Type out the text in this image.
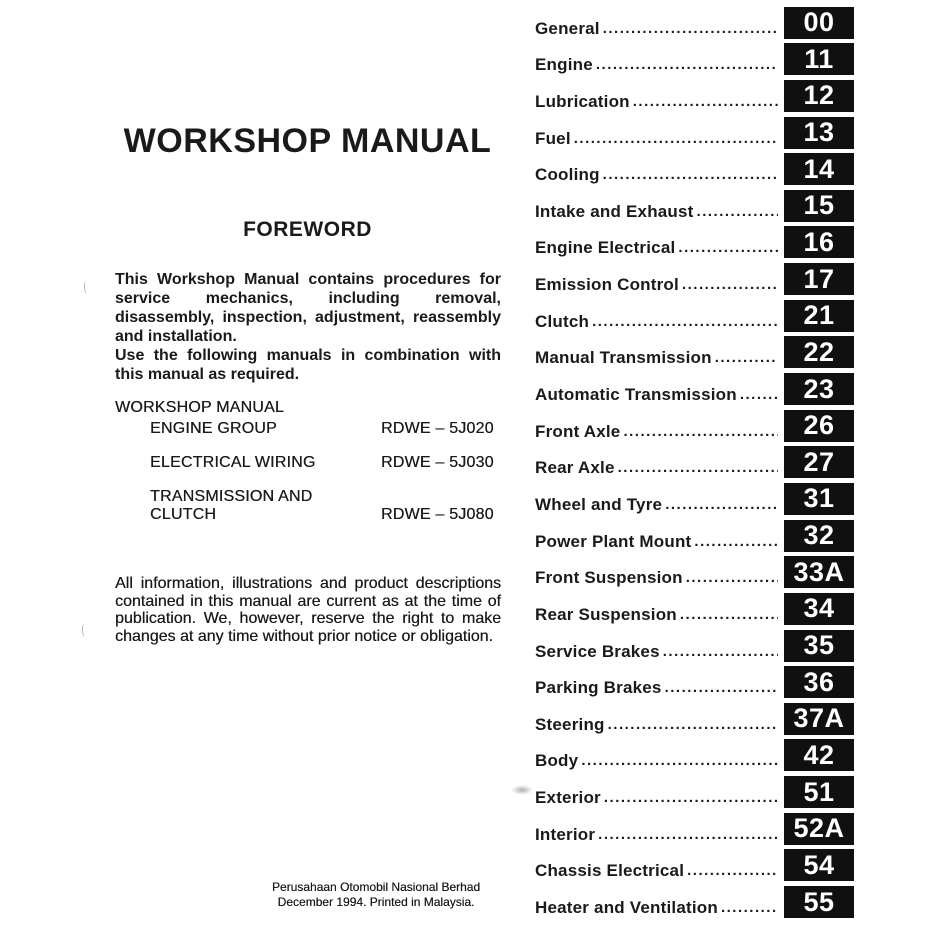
WORKSHOP MANUAL
FOREWORD
This Workshop Manual contains procedures for service mechanics, including removal, disassembly, inspection, adjustment, reassembly and installation.
Use the following manuals in combination with this manual as required.
WORKSHOP MANUAL
ENGINE GROUP	RDWE – 5J020
ELECTRICAL WIRING	RDWE – 5J030
TRANSMISSION AND CLUTCH	RDWE – 5J080
All information, illustrations and product descriptions contained in this manual are current as at the time of publication. We, however, reserve the right to make changes at any time without prior notice or obligation.
Perusahaan Otomobil Nasional Berhad
December 1994. Printed in Malaysia.
General .....	00
Engine .....	11
Lubrication .....	12
Fuel .....	13
Cooling .....	14
Intake and Exhaust .....	15
Engine Electrical .....	16
Emission Control .....	17
Clutch .....	21
Manual Transmission .....	22
Automatic Transmission .....	23
Front Axle .....	26
Rear Axle .....	27
Wheel and Tyre .....	31
Power Plant Mount .....	32
Front Suspension .....	33A
Rear Suspension .....	34
Service Brakes .....	35
Parking Brakes .....	36
Steering .....	37A
Body .....	42
Exterior .....	51
Interior .....	52A
Chassis Electrical .....	54
Heater and Ventilation .....	55
